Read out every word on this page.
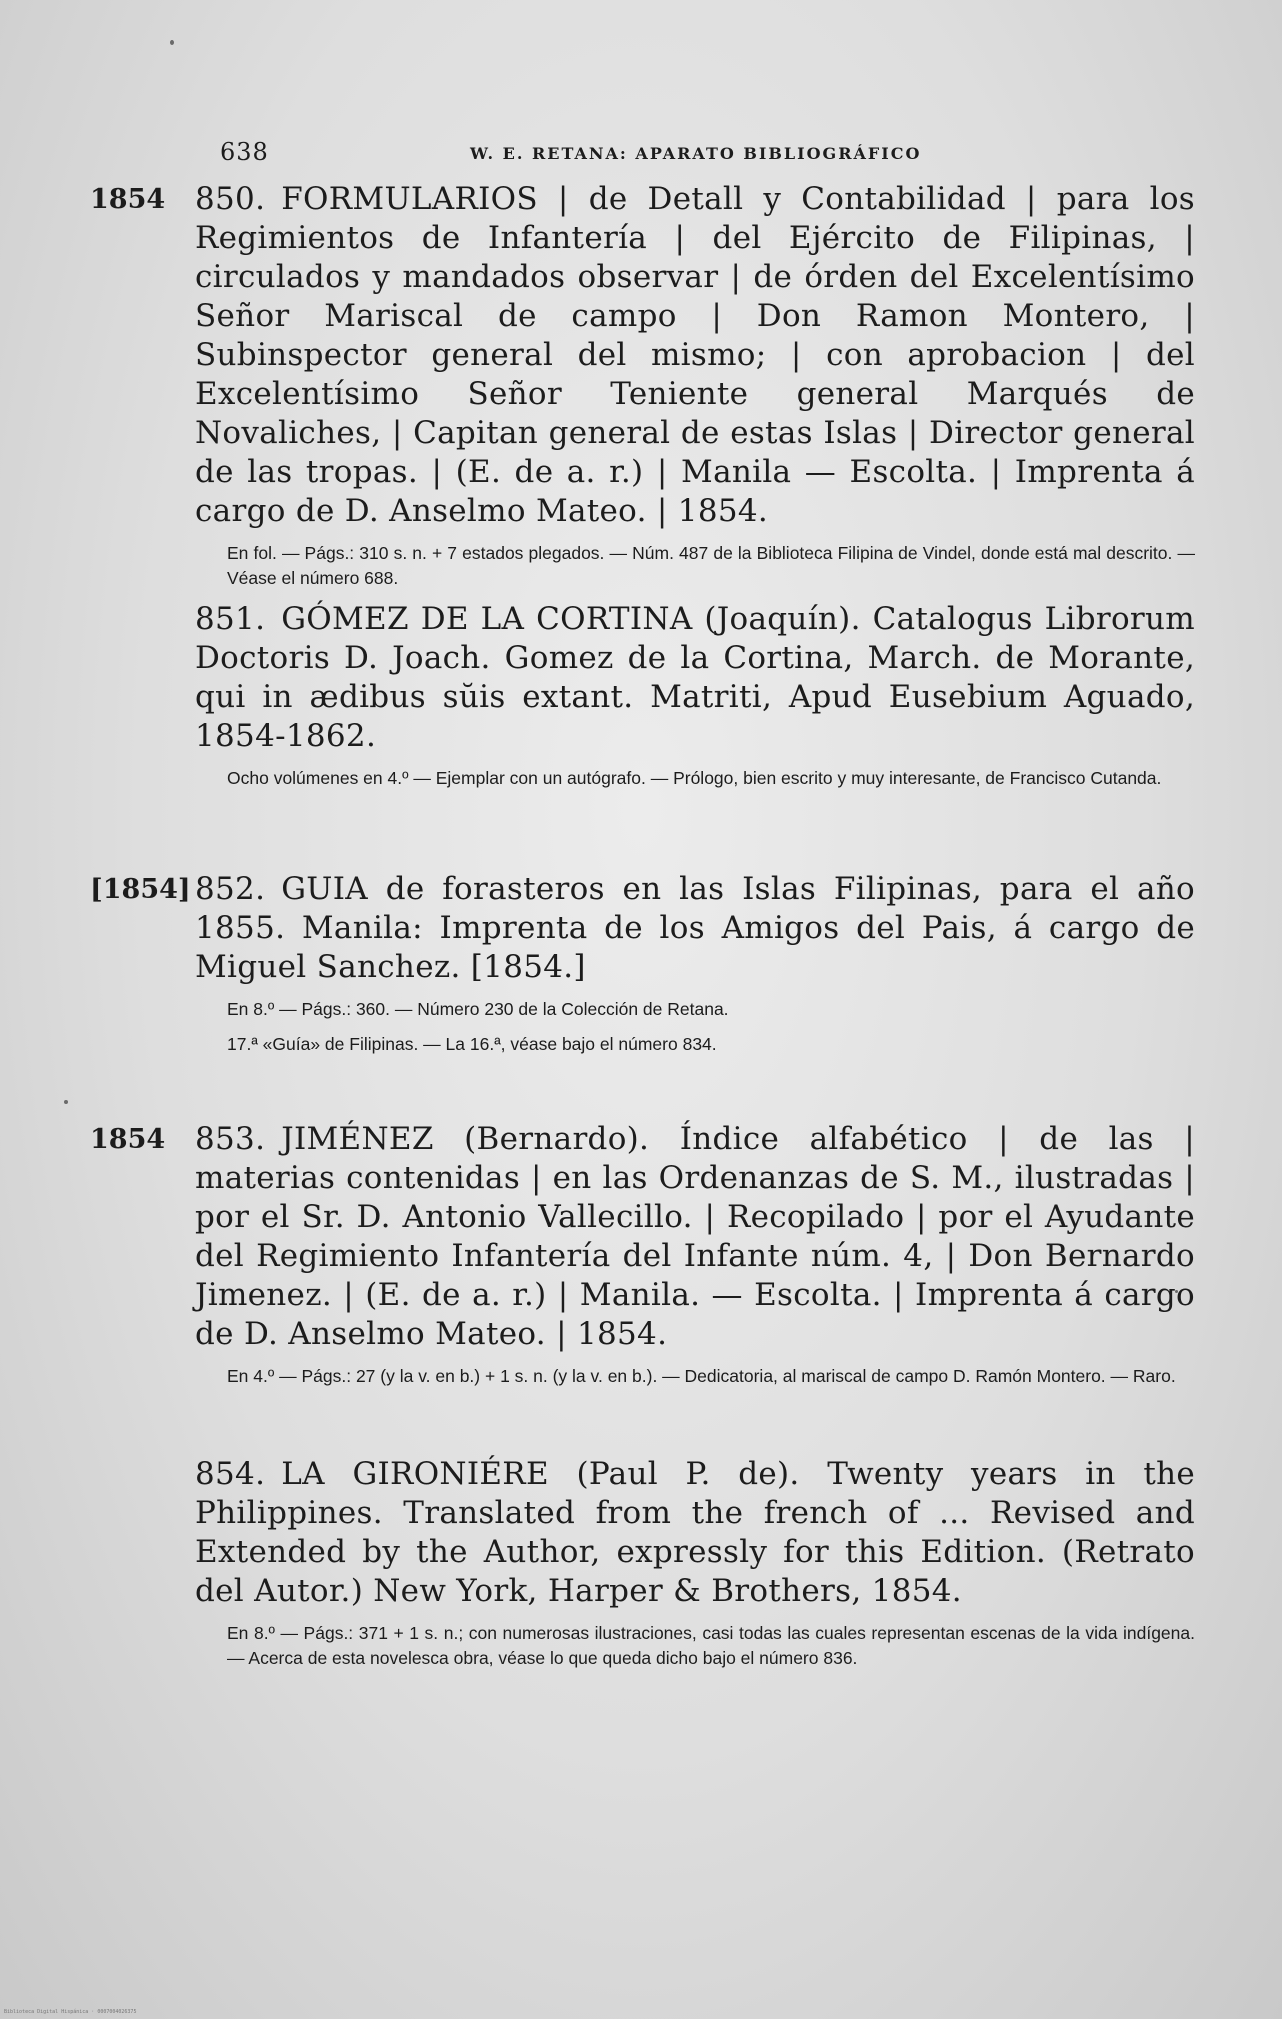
638	W. E. RETANA: APARATO BIBLIOGRÁFICO
1854 850. FORMULARIOS | de Detall y Contabilidad | para los Regimientos de Infantería | del Ejército de Filipinas, | circulados y mandados observar | de órden del Excelentísimo Señor Mariscal de campo | Don Ramon Montero, | Subinspector general del mismo; | con aprobacion | del Excelentísimo Señor Teniente general Marqués de Novaliches, | Capitan general de estas Islas | Director general de las tropas. | (E. de a. r.) | Manila — Escolta. | Imprenta á cargo de D. Anselmo Mateo. | 1854.
En fol. — Págs.: 310 s. n. + 7 estados plegados. — Núm. 487 de la Biblioteca Filipina de Vindel, donde está mal descrito. — Véase el número 688.
851. GÓMEZ DE LA CORTINA (Joaquín). Catalogus Librorum Doctoris D. Joach. Gomez de la Cortina, March. de Morante, qui in ædibus sŭis extant. Matriti, Apud Eusebium Aguado, 1854-1862.
Ocho volúmenes en 4.º — Ejemplar con un autógrafo. — Prólogo, bien escrito y muy interesante, de Francisco Cutanda.
[1854] 852. GUIA de forasteros en las Islas Filipinas, para el año 1855. Manila: Imprenta de los Amigos del Pais, á cargo de Miguel Sanchez. [1854.]
En 8.º — Págs.: 360. — Número 230 de la Colección de Retana.
17.ª «Guía» de Filipinas. — La 16.ª, véase bajo el número 834.
1854 853. JIMÉNEZ (Bernardo). Índice alfabético | de las | materias contenidas | en las Ordenanzas de S. M., ilustradas | por el Sr. D. Antonio Vallecillo. | Recopilado | por el Ayudante del Regimiento Infantería del Infante núm. 4, | Don Bernardo Jimenez. | (E. de a. r.) | Manila. — Escolta. | Imprenta á cargo de D. Anselmo Mateo. | 1854.
En 4.º — Págs.: 27 (y la v. en b.) + 1 s. n. (y la v. en b.). — Dedicatoria, al mariscal de campo D. Ramón Montero. — Raro.
854. LA GIRONIÉRE (Paul P. de). Twenty years in the Philippines. Translated from the french of ... Revised and Extended by the Author, expressly for this Edition. (Retrato del Autor.) New York, Harper & Brothers, 1854.
En 8.º — Págs.: 371 + 1 s. n.; con numerosas ilustraciones, casi todas las cuales representan escenas de la vida indígena. — Acerca de esta novelesca obra, véase lo que queda dicho bajo el número 836.
Biblioteca Digital Hispánica · 0007004026375
